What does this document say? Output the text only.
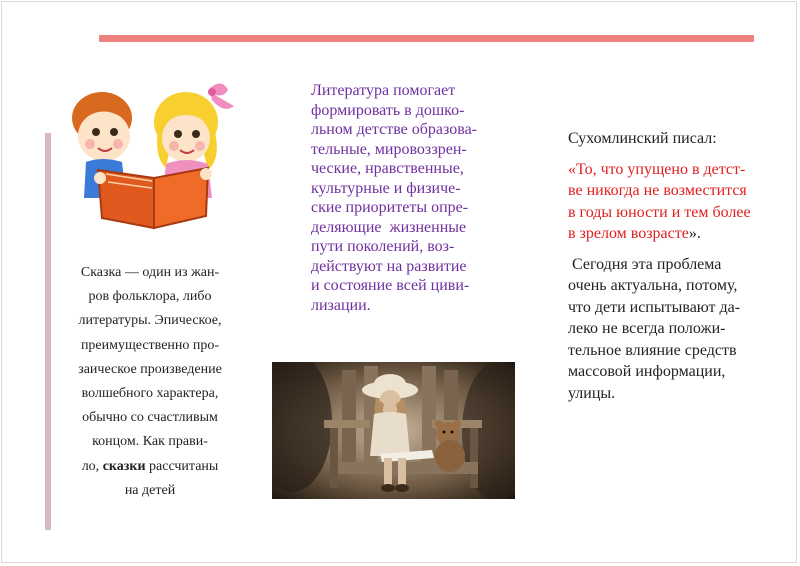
Сказка — один из жан-

ров фольклора, либо

литературы. Эпическое,

преимущественно про-

заическое произведение

волшебного характера,

обычно со счастливым

концом. Как прави-

ло, сказки рассчитаны

на детей

Литература помогает

формировать в дошко-

льном детстве образова-

тельные, мировоззрен-

ческие, нравственные,

культурные и физиче-

ские приоритеты опре-

деляющие  жизненные

пути поколений, воз-

действуют на развитие

и состояние всей циви-

лизации.

Сухомлинский писал:

«То, что упущено в детст-
ве никогда не возместится
в годы юности и тем более
в зрелом возрасте».

Сегодня эта проблема
очень актуальна, потому,
что дети испытывают да-
леко не всегда положи-
тельное влияние средств
массовой информации,
улицы.
